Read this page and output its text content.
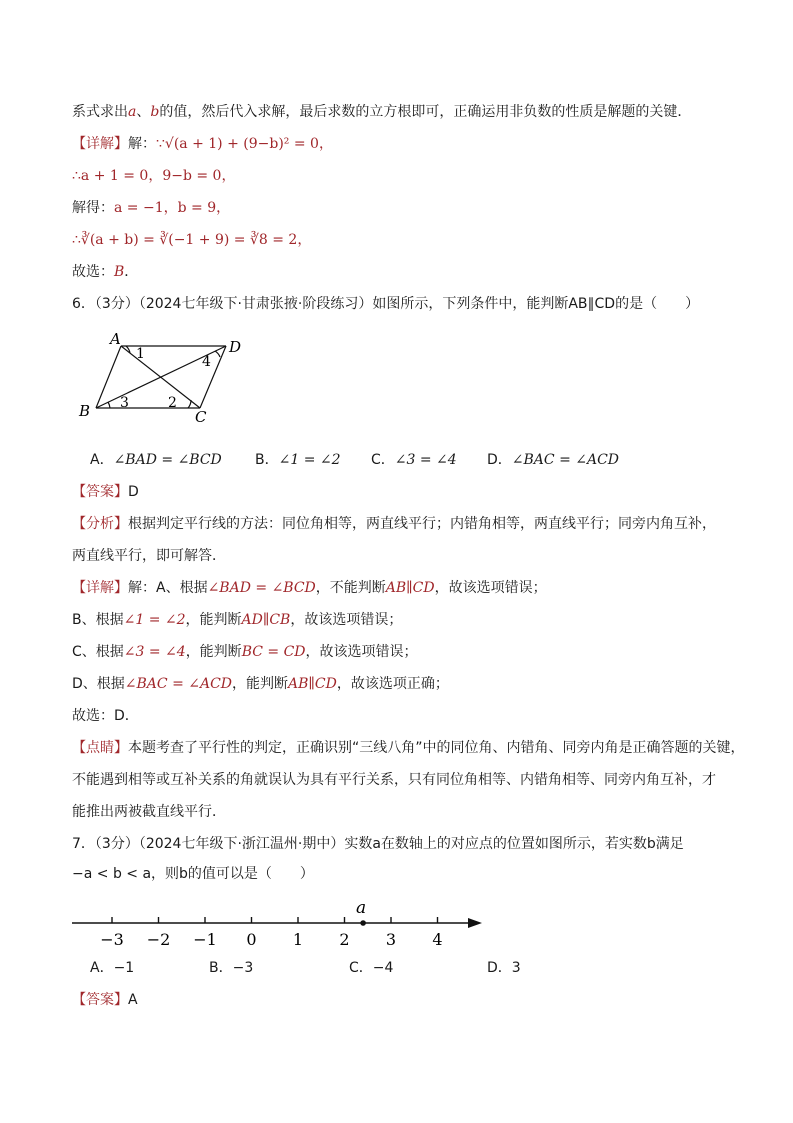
系式求出a、b的值，然后代入求解，最后求数的立方根即可，正确运用非负数的性质是解题的关键．
【详解】解：∵√(a + 1) + (9−b)² = 0，
∴a + 1 = 0，9−b = 0，
解得：a = −1，b = 9，
∴∛(a + b) = ∛(−1 + 9) = ∛8 = 2，
故选：B．
6．（3分）（2024七年级下·甘肃张掖·阶段练习）如图所示，下列条件中，能判断AB∥CD的是（　　）
A	D
B	C
1
2
3
4
A．∠BAD = ∠BCD B．∠1 = ∠2 C．∠3 = ∠4 D．∠BAC = ∠ACD
【答案】D
【分析】根据判定平行线的方法：同位角相等，两直线平行；内错角相等，两直线平行；同旁内角互补，
两直线平行，即可解答．
【详解】解：A、根据∠BAD = ∠BCD，不能判断AB∥CD，故该选项错误；
B、根据∠1 = ∠2，能判断AD∥CB，故该选项错误；
C、根据∠3 = ∠4，能判断BC = CD，故该选项错误；
D、根据∠BAC = ∠ACD，能判断AB∥CD，故该选项正确；
故选：D．
【点睛】本题考查了平行性的判定，正确识别“三线八角”中的同位角、内错角、同旁内角是正确答题的关键，
不能遇到相等或互补关系的角就误认为具有平行关系，只有同位角相等、内错角相等、同旁内角互补，才
能推出两被截直线平行．
7．（3分）（2024七年级下·浙江温州·期中）实数a在数轴上的对应点的位置如图所示，若实数b满足
−a < b < a，则b的值可以是（　　）
−3 −2 −1 0 1 2 3 4
a
A．−1	B．−3	C．−4	D．3
【答案】A
